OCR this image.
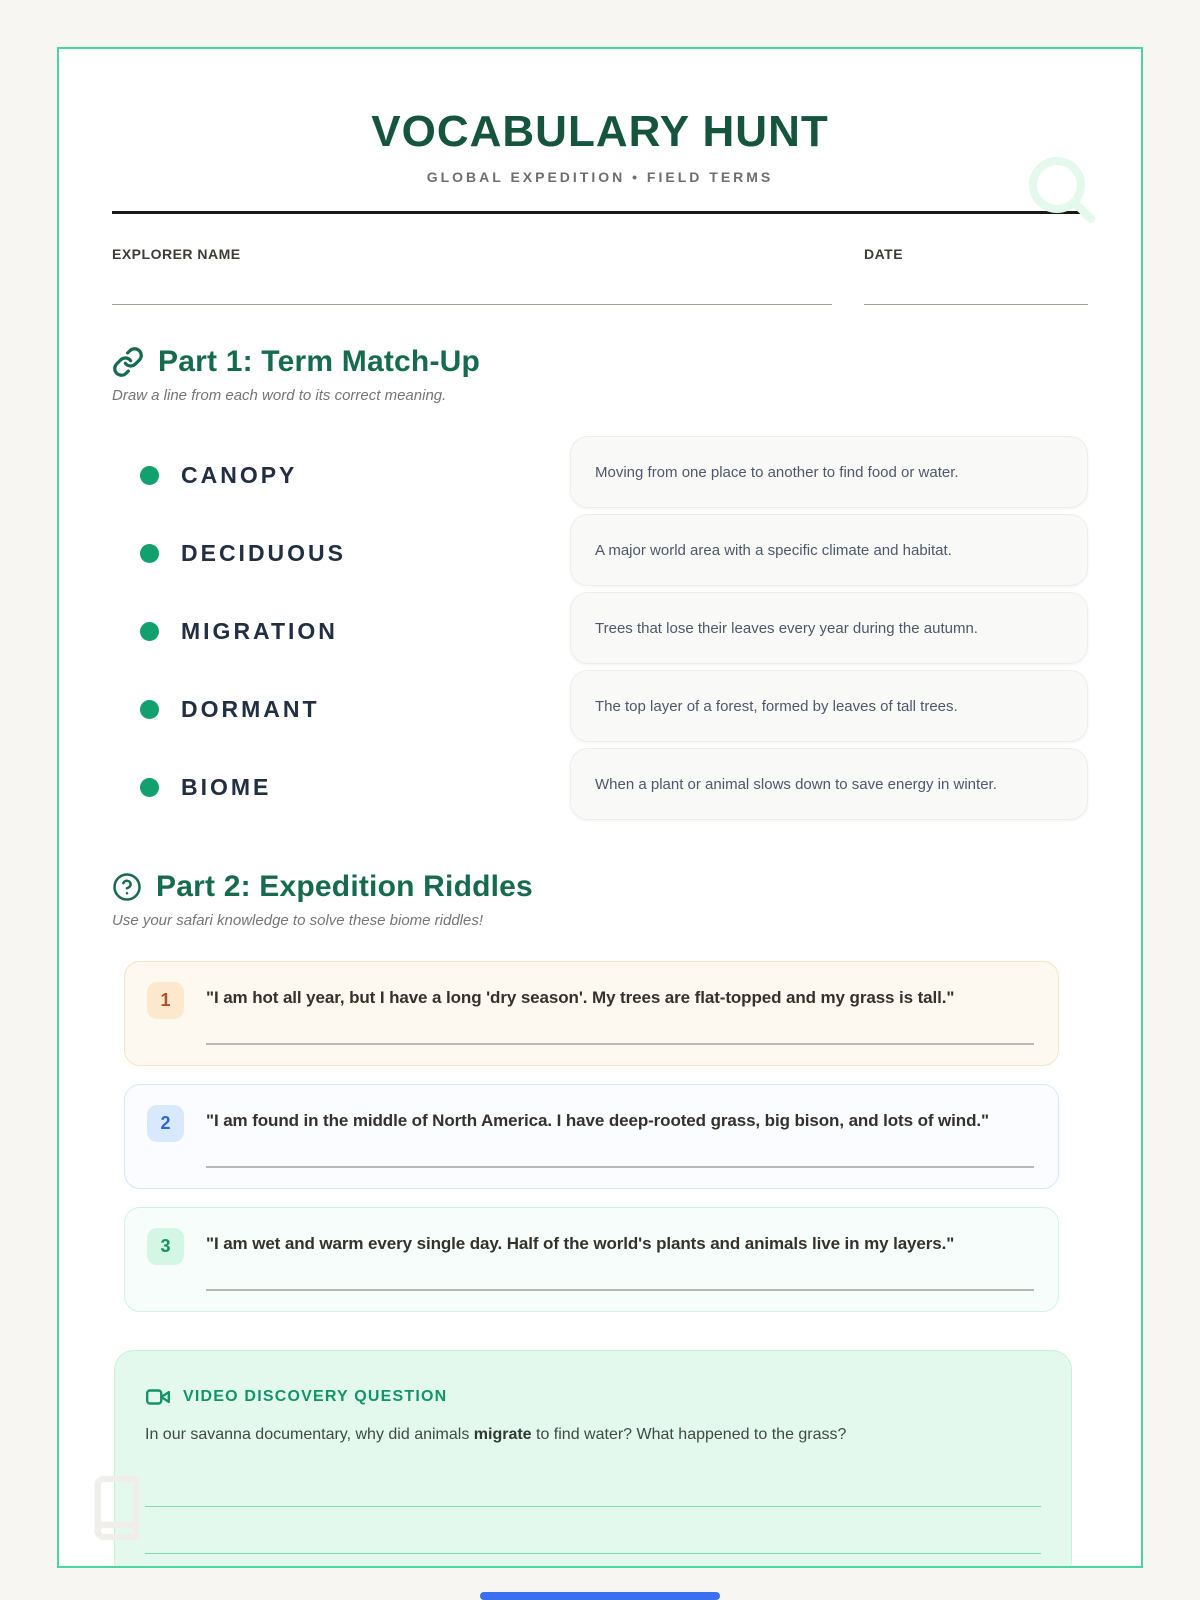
VOCABULARY HUNT
GLOBAL EXPEDITION • FIELD TERMS
EXPLORER NAME	DATE
Part 1: Term Match-Up
Draw a line from each word to its correct meaning.
CANOPY
DECIDUOUS
MIGRATION
DORMANT
BIOME
Moving from one place to another to find food or water.
A major world area with a specific climate and habitat.
Trees that lose their leaves every year during the autumn.
The top layer of a forest, formed by leaves of tall trees.
When a plant or animal slows down to save energy in winter.
Part 2: Expedition Riddles
Use your safari knowledge to solve these biome riddles!
1	"I am hot all year, but I have a long 'dry season'. My trees are flat-topped and my grass is tall."
2	"I am found in the middle of North America. I have deep-rooted grass, big bison, and lots of wind."
3	"I am wet and warm every single day. Half of the world's plants and animals live in my layers."
VIDEO DISCOVERY QUESTION

In our savanna documentary, why did animals migrate to find water? What happened to the grass?
